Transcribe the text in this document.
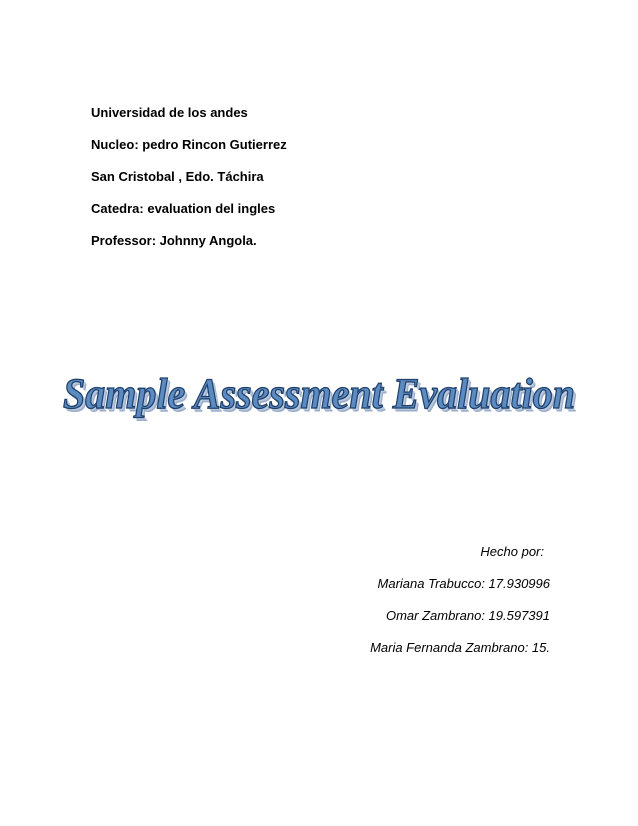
Universidad de los andes
Nucleo: pedro Rincon Gutierrez
San Cristobal , Edo. Táchira
Catedra: evaluation del ingles
Professor: Johnny Angola.
Sample Assessment Evaluation
Hecho por:
Mariana Trabucco: 17.930996
Omar Zambrano: 19.597391
Maria Fernanda Zambrano: 15.
